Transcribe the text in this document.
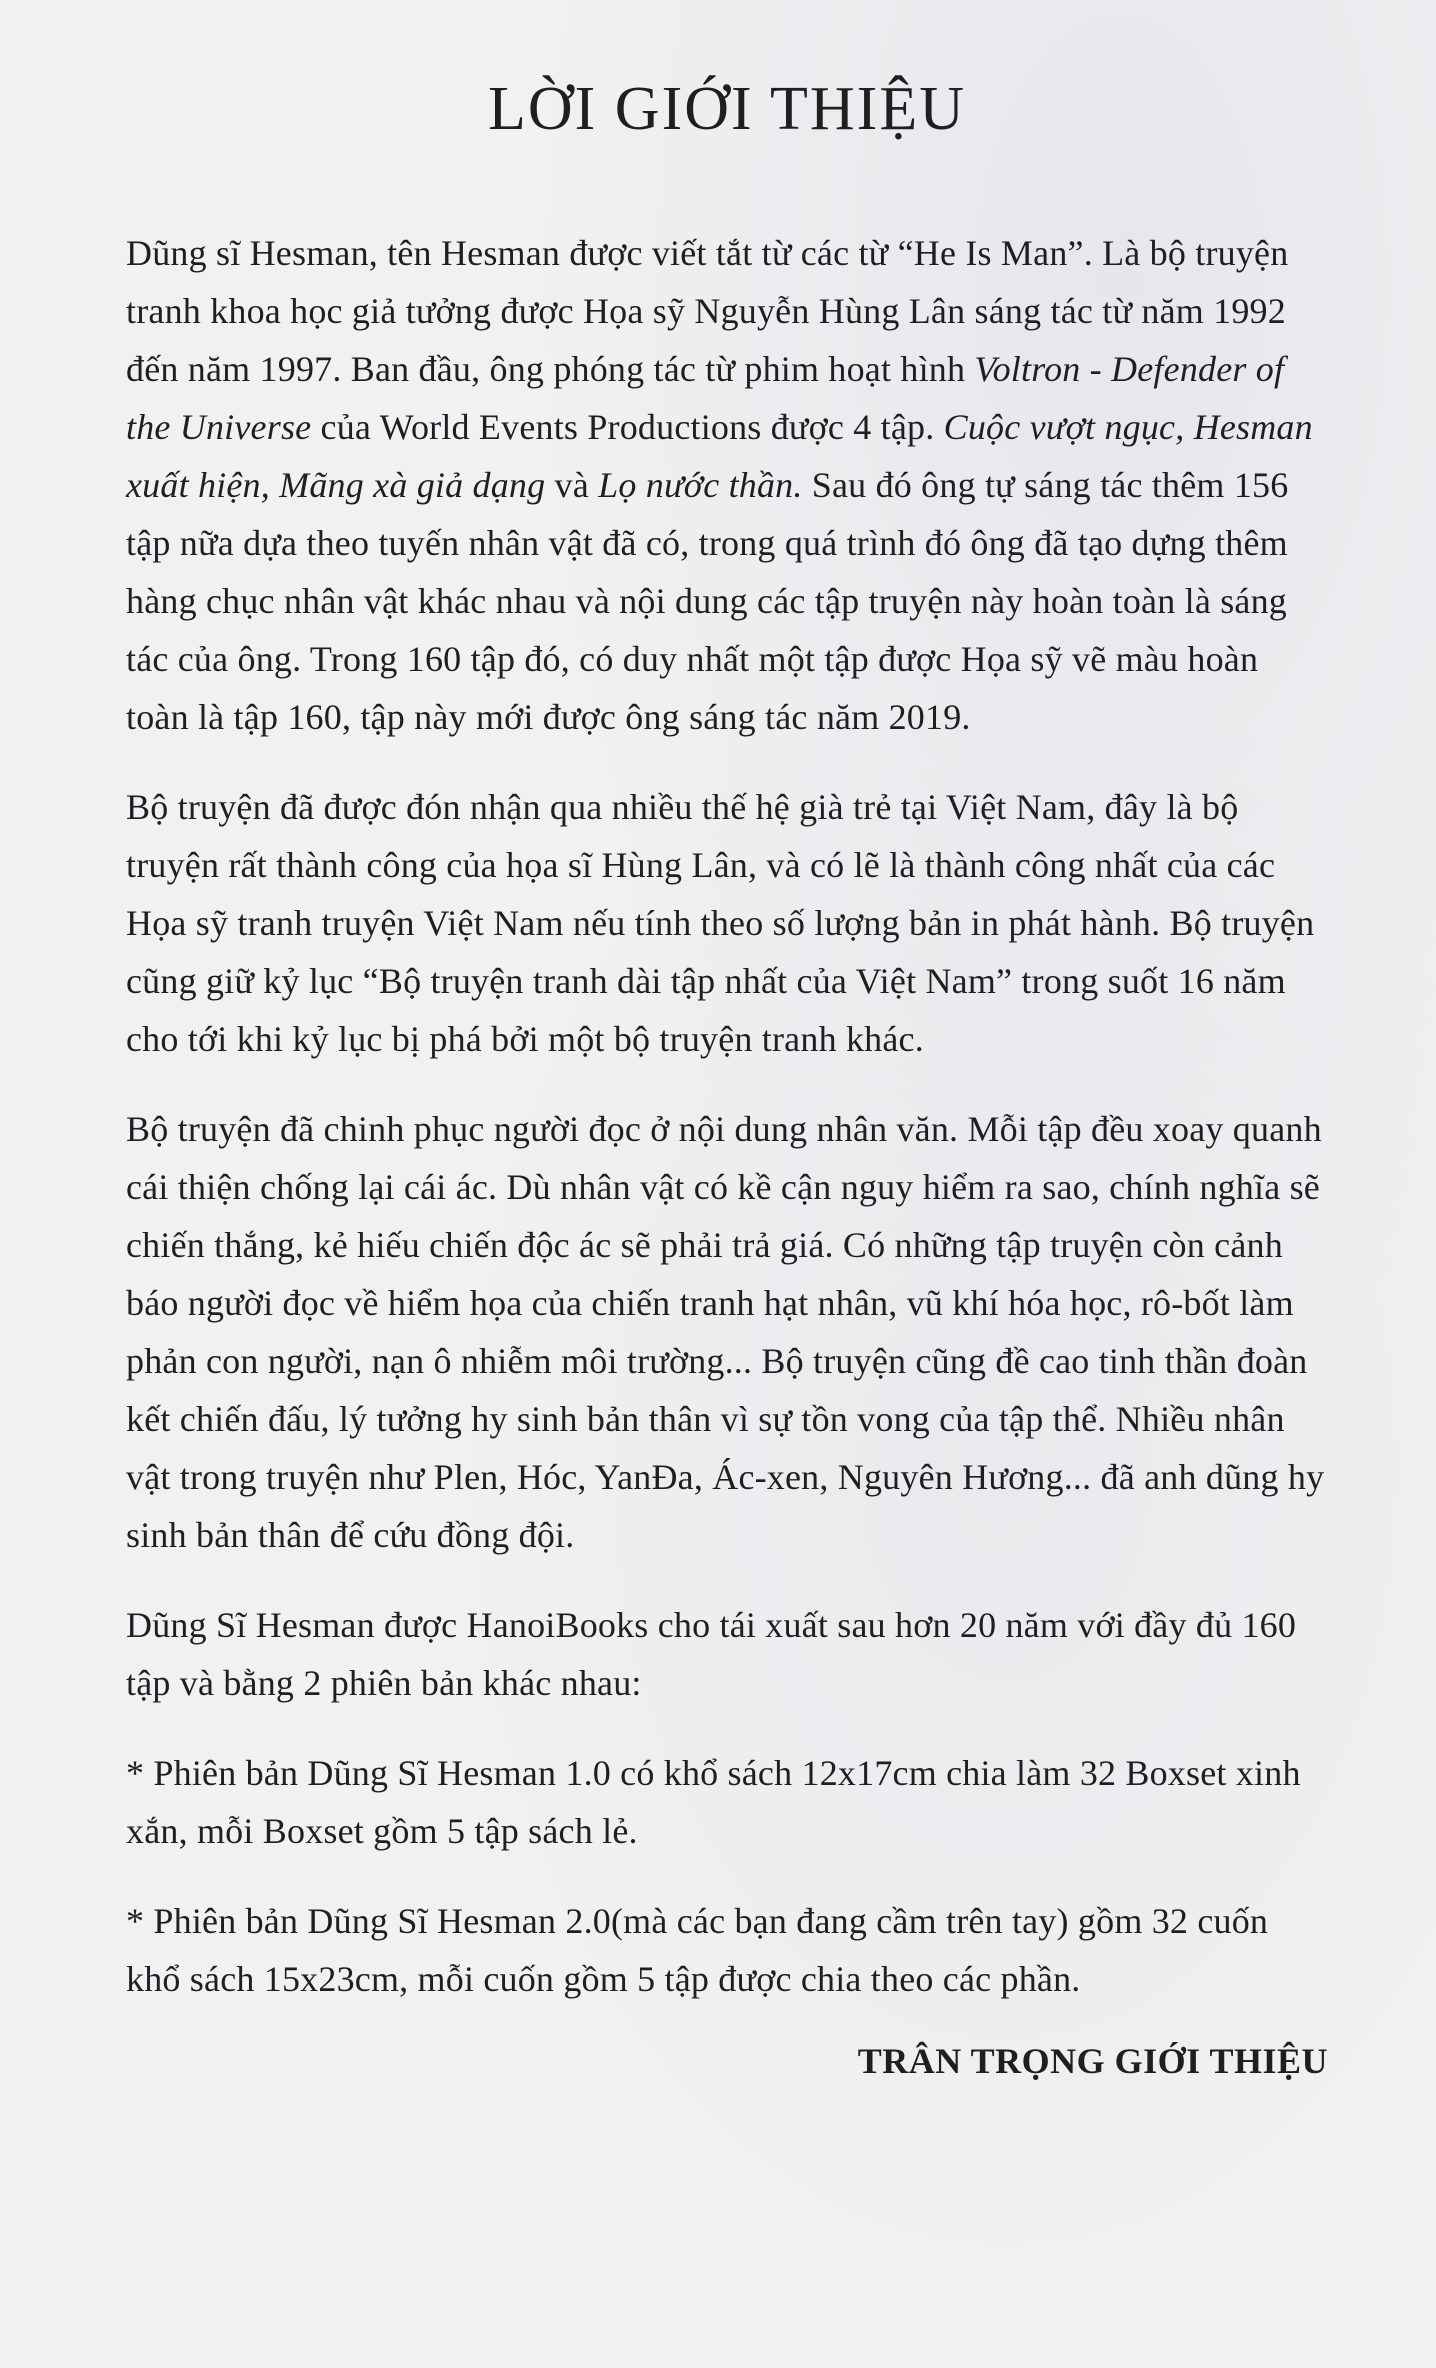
LỜI GIỚI THIỆU

Dũng sĩ Hesman, tên Hesman được viết tắt từ các từ “He Is Man”. Là bộ truyện tranh khoa học giả tưởng được Họa sỹ Nguyễn Hùng Lân sáng tác từ năm 1992 đến năm 1997. Ban đầu, ông phóng tác từ phim hoạt hình Voltron - Defender of the Universe của World Events Productions được 4 tập. Cuộc vượt ngục, Hesman xuất hiện, Mãng xà giả dạng và Lọ nước thần. Sau đó ông tự sáng tác thêm 156 tập nữa dựa theo tuyến nhân vật đã có, trong quá trình đó ông đã tạo dựng thêm hàng chục nhân vật khác nhau và nội dung các tập truyện này hoàn toàn là sáng tác của ông. Trong 160 tập đó, có duy nhất một tập được Họa sỹ vẽ màu hoàn toàn là tập 160, tập này mới được ông sáng tác năm 2019.

Bộ truyện đã được đón nhận qua nhiều thế hệ già trẻ tại Việt Nam, đây là bộ truyện rất thành công của họa sĩ Hùng Lân, và có lẽ là thành công nhất của các Họa sỹ tranh truyện Việt Nam nếu tính theo số lượng bản in phát hành. Bộ truyện cũng giữ kỷ lục “Bộ truyện tranh dài tập nhất của Việt Nam” trong suốt 16 năm cho tới khi kỷ lục bị phá bởi một bộ truyện tranh khác.

Bộ truyện đã chinh phục người đọc ở nội dung nhân văn. Mỗi tập đều xoay quanh cái thiện chống lại cái ác. Dù nhân vật có kề cận nguy hiểm ra sao, chính nghĩa sẽ chiến thắng, kẻ hiếu chiến độc ác sẽ phải trả giá. Có những tập truyện còn cảnh báo người đọc về hiểm họa của chiến tranh hạt nhân, vũ khí hóa học, rô-bốt làm phản con người, nạn ô nhiễm môi trường... Bộ truyện cũng đề cao tinh thần đoàn kết chiến đấu, lý tưởng hy sinh bản thân vì sự tồn vong của tập thể. Nhiều nhân vật trong truyện như Plen, Hóc, YanĐa, Ác-xen, Nguyên Hương... đã anh dũng hy sinh bản thân để cứu đồng đội.

Dũng Sĩ Hesman được HanoiBooks cho tái xuất sau hơn 20 năm với đầy đủ 160 tập và bằng 2 phiên bản khác nhau:

* Phiên bản Dũng Sĩ Hesman 1.0 có khổ sách 12x17cm chia làm 32 Boxset xinh xắn, mỗi Boxset gồm 5 tập sách lẻ.

* Phiên bản Dũng Sĩ Hesman 2.0(mà các bạn đang cầm trên tay) gồm 32 cuốn khổ sách 15x23cm, mỗi cuốn gồm 5 tập được chia theo các phần.

TRÂN TRỌNG GIỚI THIỆU
